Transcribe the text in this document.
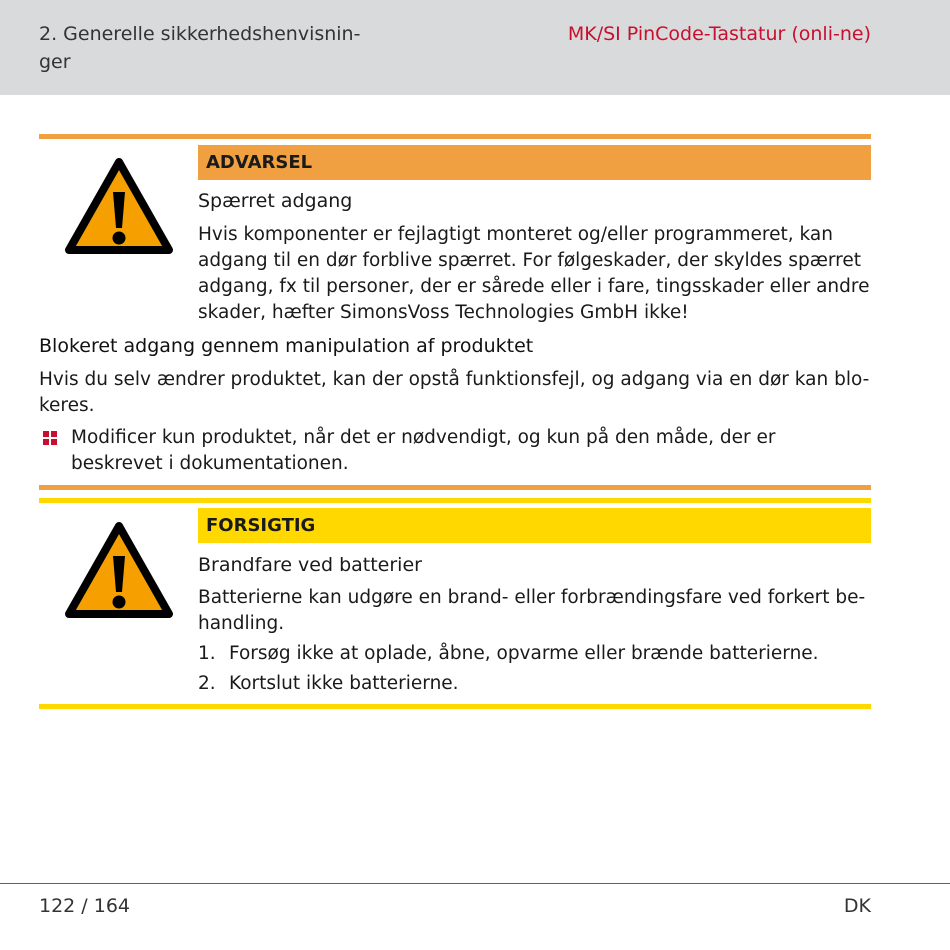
2. Generelle sikkerhedshenvisnin-ger
MK/SI PinCode-Tastatur (onli-ne)
ADVARSEL
Spærret adgang
Hvis komponenter er fejlagtigt monteret og/eller programmeret, kan adgang til en dør forblive spærret. For følgeskader, der skyldes spærret adgang, fx til personer, der er sårede eller i fare, tingsskader eller andre skader, hæfter SimonsVoss Technologies GmbH ikke!
Blokeret adgang gennem manipulation af produktet
Hvis du selv ændrer produktet, kan der opstå funktionsfejl, og adgang via en dør kan blo-keres.
Modificer kun produktet, når det er nødvendigt, og kun på den måde, der er beskrevet i dokumentationen.
FORSIGTIG
Brandfare ved batterier
Batterierne kan udgøre en brand- eller forbrændingsfare ved forkert be-handling.
1. Forsøg ikke at oplade, åbne, opvarme eller brænde batterierne.
2. Kortslut ikke batterierne.
122 / 164	DK
